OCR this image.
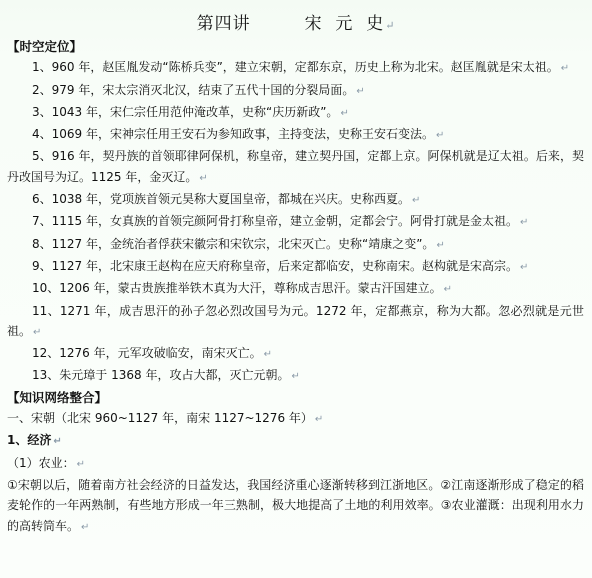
第四讲　　　宋  元  史↵
【时空定位】

1、960 年，赵匡胤发动“陈桥兵变”，建立宋朝，定都东京，历史上称为北宋。赵匡胤就是宋太祖。 ↵

2、979 年，宋太宗消灭北汉，结束了五代十国的分裂局面。 ↵

3、1043 年，宋仁宗任用范仲淹改革，史称“庆历新政”。 ↵

4、1069 年，宋神宗任用王安石为参知政事，主持变法，史称王安石变法。 ↵

5、916 年，契丹族的首领耶律阿保机，称皇帝，建立契丹国，定都上京。阿保机就是辽太祖。后来，契丹改国号为辽。1125 年，金灭辽。 ↵

6、1038 年，党项族首领元昊称大夏国皇帝，都城在兴庆。史称西夏。 ↵

7、1115 年，女真族的首领完颜阿骨打称皇帝，建立金朝，定都会宁。阿骨打就是金太祖。 ↵

8、1127 年，金统治者俘获宋徽宗和宋钦宗，北宋灭亡。史称“靖康之变”。 ↵

9、1127 年，北宋康王赵构在应天府称皇帝，后来定都临安，史称南宋。赵构就是宋高宗。 ↵

10、1206 年，蒙古贵族推举铁木真为大汗，尊称成吉思汗。蒙古汗国建立。 ↵

11、1271 年，成吉思汗的孙子忽必烈改国号为元。1272 年，定都燕京，称为大都。忽必烈就是元世祖。 ↵

12、1276 年，元军攻破临安，南宋灭亡。 ↵

13、朱元璋于 1368 年，攻占大都，灭亡元朝。 ↵

【知识网络整合】

一、宋朝（北宋 960~1127 年，南宋 1127~1276 年） ↵

1、经济 ↵

（1）农业： ↵

①宋朝以后，随着南方社会经济的日益发达，我国经济重心逐渐转移到江浙地区。②江南逐渐形成了稳定的稻麦轮作的一年两熟制，有些地方形成一年三熟制，极大地提高了土地的利用效率。③农业灌溉：出现利用水力的高转筒车。 ↵
